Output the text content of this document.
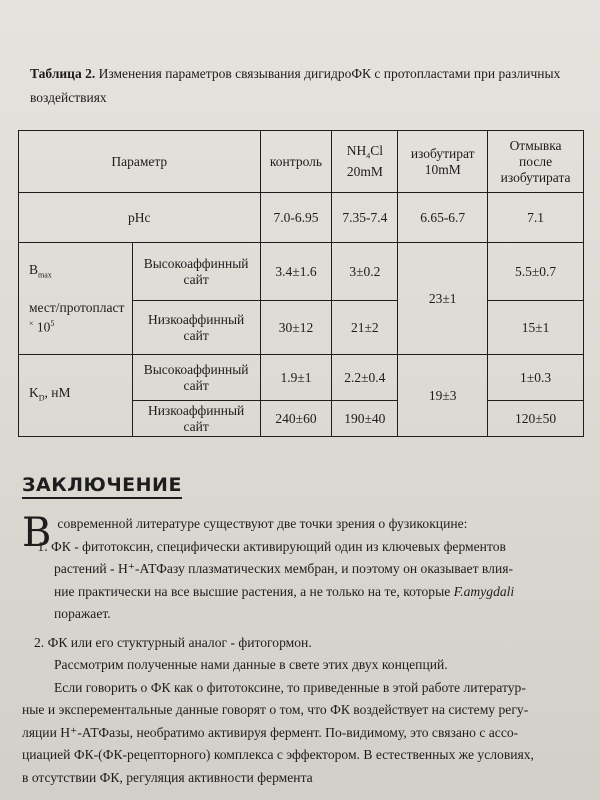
Таблица 2. Изменения параметров связывания дигидроФК с протопластами при различных воздействиях
Параметр		контроль	$NH_4Cl$
20mM	изобутират
10mM	Отмывка
после
изобутирата
pHc		7.0-6.95	7.35-7.4	6.65-6.7	7.1
$B_{max}$

мест/протопласт
× $10^5$	Высокоаффинный
сайт	3.4±1.6	3±0.2	23±1	5.5±0.7
	Низкоаффинный
сайт	30±12	21±2		15±1
$K_D$, нМ	Высокоаффинный
сайт	1.9±1	2.2±0.4	19±3	1±0.3
	Низкоаффинный
сайт	240±60	190±40		120±50
ЗАКЛЮЧЕНИЕ

Всовременной литературе существуют две точки зрения о фузикокцине:

1. ФК - фитотоксин, специфически активирующий один из ключевых ферментов
растений - Н⁺-АТФазу плазматических мембран, и поэтому он оказывает влия-
ние практически на все высшие растения, а не только на те, которые F.amygdali
поражает.

2. ФК или его стуктурный аналог - фитогормон.

Рассмотрим полученные нами данные в свете этих двух концепций.

Если говорить о ФК как о фитотоксине, то приведенные в этой работе литератур-
ные и эксперементальные данные говорят о том, что ФК воздействует на систему регу-
ляции Н⁺-АТФазы, необратимо активируя фермент. По-видимому, это связано с ассо-
циацией ФК-(ФК-рецепторного) комплекса с эффектором. В естественных же условиях,
в отсутствии ФК, регуляция активности фермента
